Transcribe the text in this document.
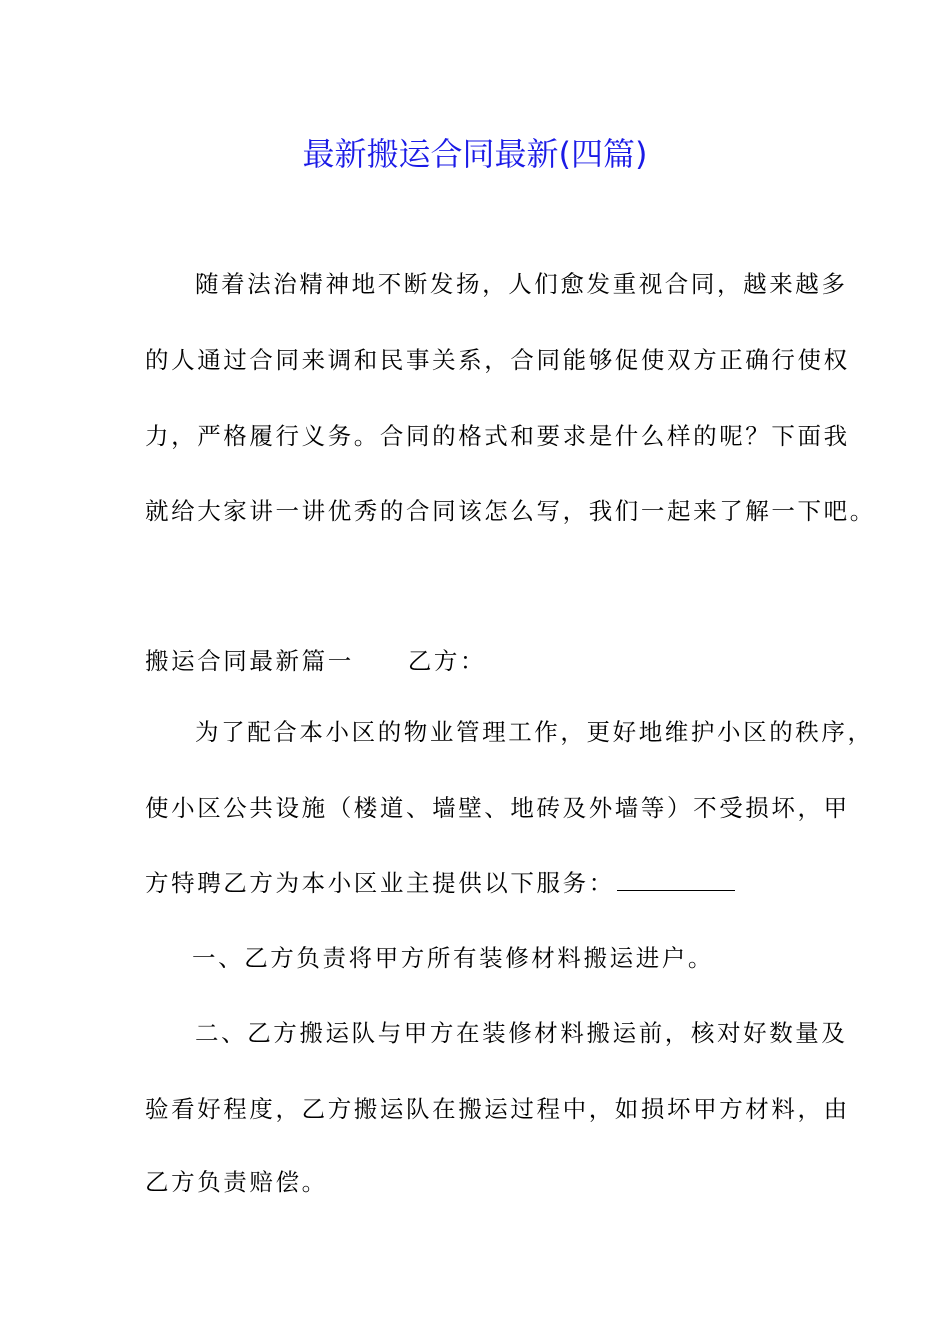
最新搬运合同最新(四篇)
随着法治精神地不断发扬，人们愈发重视合同，越来越多
的人通过合同来调和民事关系，合同能够促使双方正确行使权
力，严格履行义务。合同的格式和要求是什么样的呢？下面我
就给大家讲一讲优秀的合同该怎么写，我们一起来了解一下吧。
搬运合同最新篇一 乙方：
为了配合本小区的物业管理工作，更好地维护小区的秩序，
使小区公共设施（楼道、墙壁、地砖及外墙等）不受损坏，甲
方特聘乙方为本小区业主提供以下服务：
一、乙方负责将甲方所有装修材料搬运进户。
二、乙方搬运队与甲方在装修材料搬运前，核对好数量及
验看好程度，乙方搬运队在搬运过程中，如损坏甲方材料，由
乙方负责赔偿。
